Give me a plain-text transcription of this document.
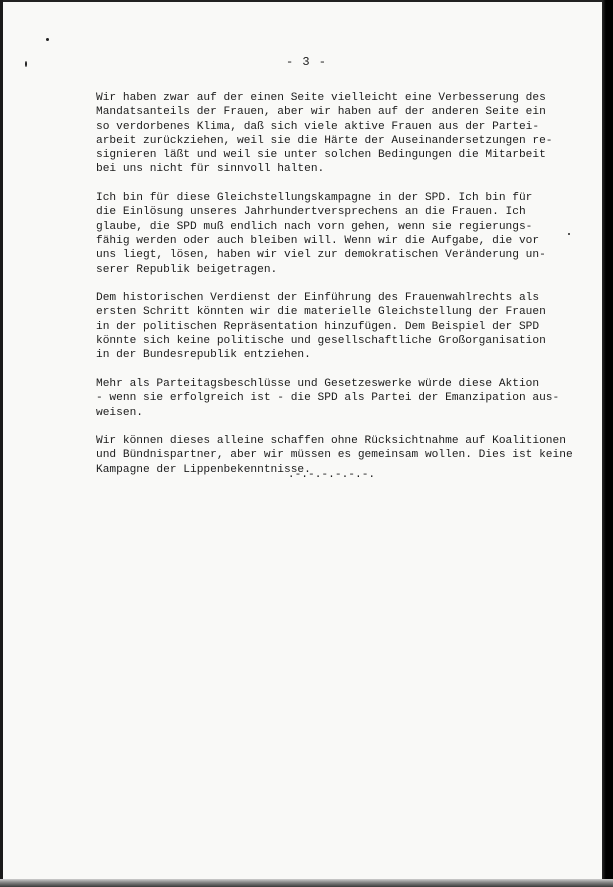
- 3 -
Wir haben zwar auf der einen Seite vielleicht eine Verbesserung des
Mandatsanteils der Frauen, aber wir haben auf der anderen Seite ein
so verdorbenes Klima, daß sich viele aktive Frauen aus der Partei-
arbeit zurückziehen, weil sie die Härte der Auseinandersetzungen re-
signieren läßt und weil sie unter solchen Bedingungen die Mitarbeit
bei uns nicht für sinnvoll halten.
Ich bin für diese Gleichstellungskampagne in der SPD. Ich bin für
die Einlösung unseres Jahrhundertversprechens an die Frauen. Ich
glaube, die SPD muß endlich nach vorn gehen, wenn sie regierungs-
fähig werden oder auch bleiben will. Wenn wir die Aufgabe, die vor
uns liegt, lösen, haben wir viel zur demokratischen Veränderung un-
serer Republik beigetragen.
Dem historischen Verdienst der Einführung des Frauenwahlrechts als
ersten Schritt könnten wir die materielle Gleichstellung der Frauen
in der politischen Repräsentation hinzufügen. Dem Beispiel der SPD
könnte sich keine politische und gesellschaftliche Großorganisation
in der Bundesrepublik entziehen.
Mehr als Parteitagsbeschlüsse und Gesetzeswerke würde diese Aktion
- wenn sie erfolgreich ist - die SPD als Partei der Emanzipation aus-
weisen.
Wir können dieses alleine schaffen ohne Rücksichtnahme auf Koalitionen
und Bündnispartner, aber wir müssen es gemeinsam wollen. Dies ist keine
Kampagne der Lippenbekenntnisse.
.-.-.-.-.-.-.
